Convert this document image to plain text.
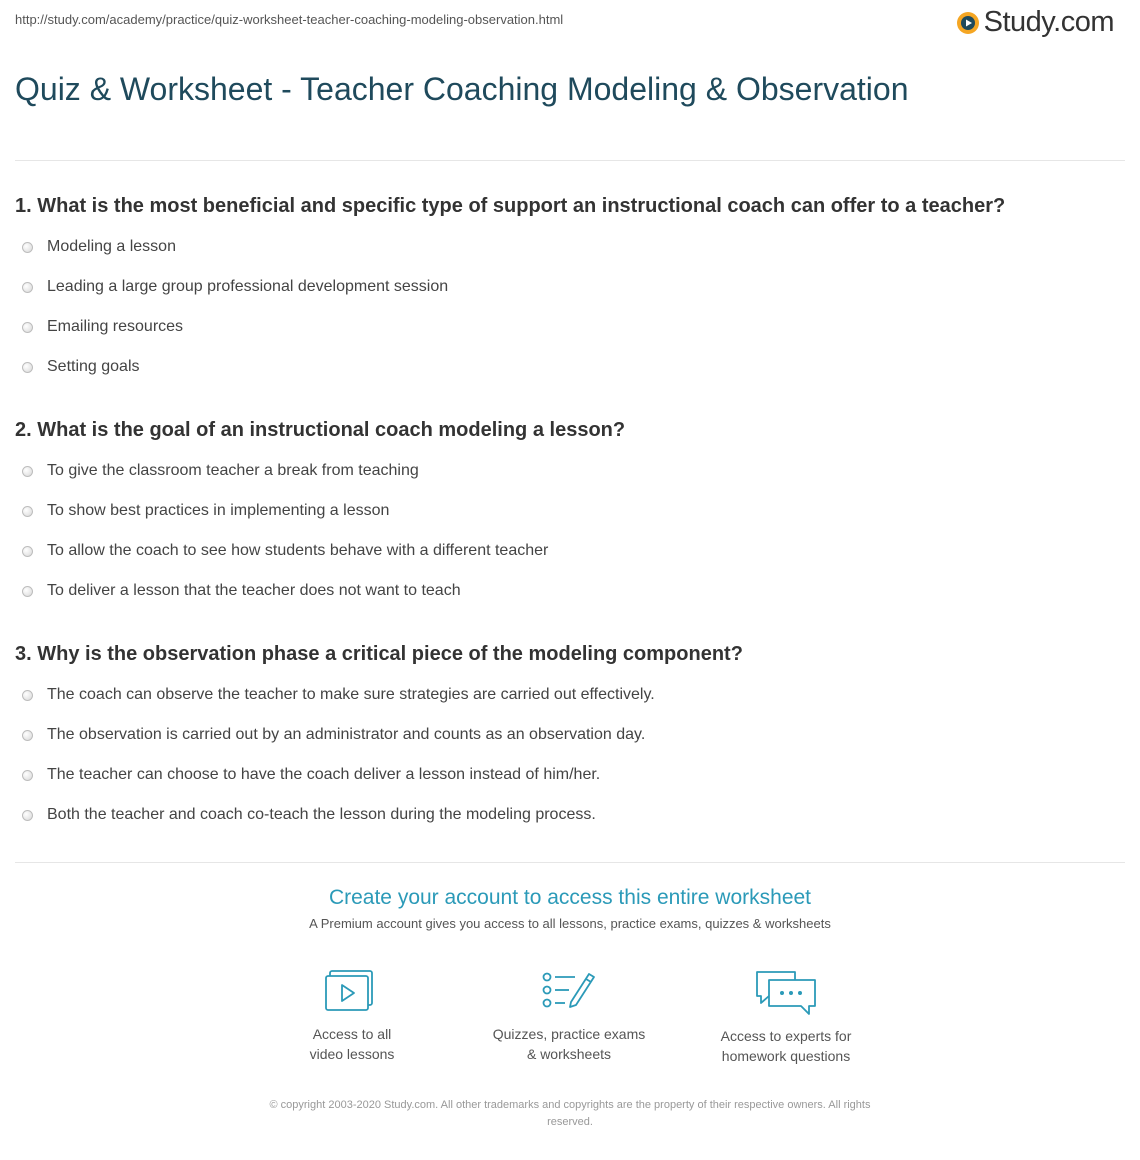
http://study.com/academy/practice/quiz-worksheet-teacher-coaching-modeling-observation.html	Study.com
Quiz & Worksheet - Teacher Coaching Modeling & Observation
1. What is the most beneficial and specific type of support an instructional coach can offer to a teacher?
Modeling a lesson
Leading a large group professional development session
Emailing resources
Setting goals
2. What is the goal of an instructional coach modeling a lesson?
To give the classroom teacher a break from teaching
To show best practices in implementing a lesson
To allow the coach to see how students behave with a different teacher
To deliver a lesson that the teacher does not want to teach
3. Why is the observation phase a critical piece of the modeling component?
The coach can observe the teacher to make sure strategies are carried out effectively.
The observation is carried out by an administrator and counts as an observation day.
The teacher can choose to have the coach deliver a lesson instead of him/her.
Both the teacher and coach co-teach the lesson during the modeling process.
Create your account to access this entire worksheet
A Premium account gives you access to all lessons, practice exams, quizzes & worksheets
Access to all
video lessons
Quizzes, practice exams
& worksheets
Access to experts for
homework questions
© copyright 2003-2020 Study.com. All other trademarks and copyrights are the property of their respective owners. All rights
reserved.
